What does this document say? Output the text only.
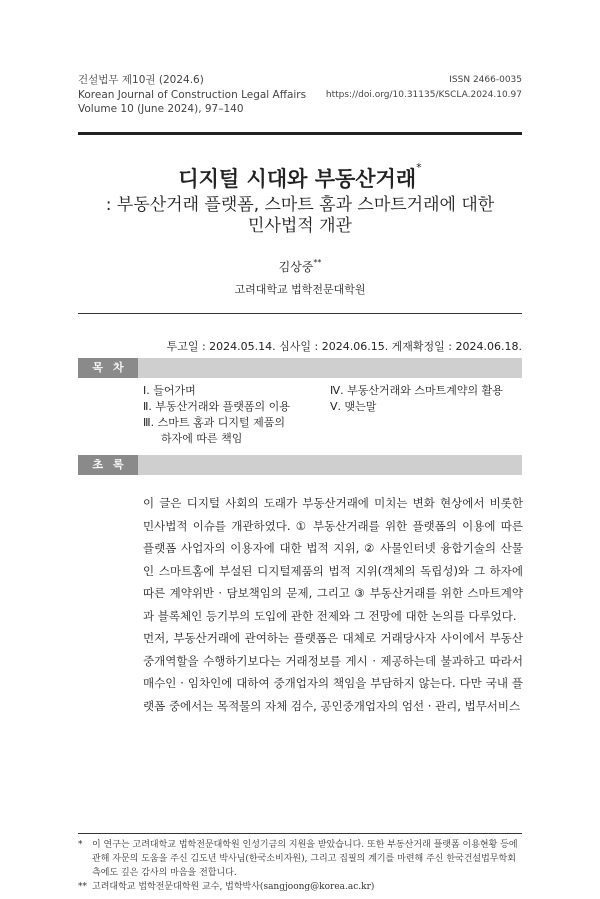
건설법무 제10권 (2024.6)
Korean Journal of Construction Legal Affairs
Volume 10 (June 2024), 97–140
ISSN 2466-0035
https://doi.org/10.31135/KSCLA.2024.10.97
디지털 시대와 부동산거래*
: 부동산거래 플랫폼, 스마트 홈과 스마트거래에 대한
민사법적 개관
김상중**
고려대학교 법학전문대학원
투고일 : 2024.05.14. 심사일 : 2024.06.15. 게재확정일 : 2024.06.18.
목차
Ⅰ. 들어가며
Ⅱ. 부동산거래와 플랫폼의 이용
Ⅲ. 스마트 홈과 디지털 제품의
하자에 따른 책임
Ⅳ. 부동산거래와 스마트계약의 활용
Ⅴ. 맺는말
초록

이 글은 디지털 사회의 도래가 부동산거래에 미치는 변화 현상에서 비롯한 민사법적 이슈를 개관하였다. ① 부동산거래를 위한 플랫폼의 이용에 따른 플랫폼 사업자의 이용자에 대한 법적 지위, ② 사물인터넷 융합기술의 산물인 스마트홈에 부설된 디지털제품의 법적 지위(객체의 독립성)와 그 하자에 따른 계약위반 · 담보책임의 문제, 그리고 ③ 부동산거래를 위한 스마트계약과 블록체인 등기부의 도입에 관한 전제와 그 전망에 대한 논의를 다루었다.

먼저, 부동산거래에 관여하는 플랫폼은 대체로 거래당사자 사이에서 부동산 중개역할을 수행하기보다는 거래정보를 게시 · 제공하는데 불과하고 따라서 매수인 · 임차인에 대하여 중개업자의 책임을 부담하지 않는다. 다만 국내 플랫폼 중에서는 목적물의 자체 검수, 공인중개업자의 엄선 · 관리, 법무서비스

* 이 연구는 고려대학교 법학전문대학원 인성기금의 지원을 받았습니다. 또한 부동산거래 플랫폼 이용현황 등에 관해 자문의 도움을 주신 김도년 박사님(한국소비자원), 그리고 집필의 계기를 마련해 주신 한국건설법무학회 측에도 깊은 감사의 마음을 전합니다.

** 고려대학교 법학전문대학원 교수, 법학박사(sangjoong@korea.ac.kr)
